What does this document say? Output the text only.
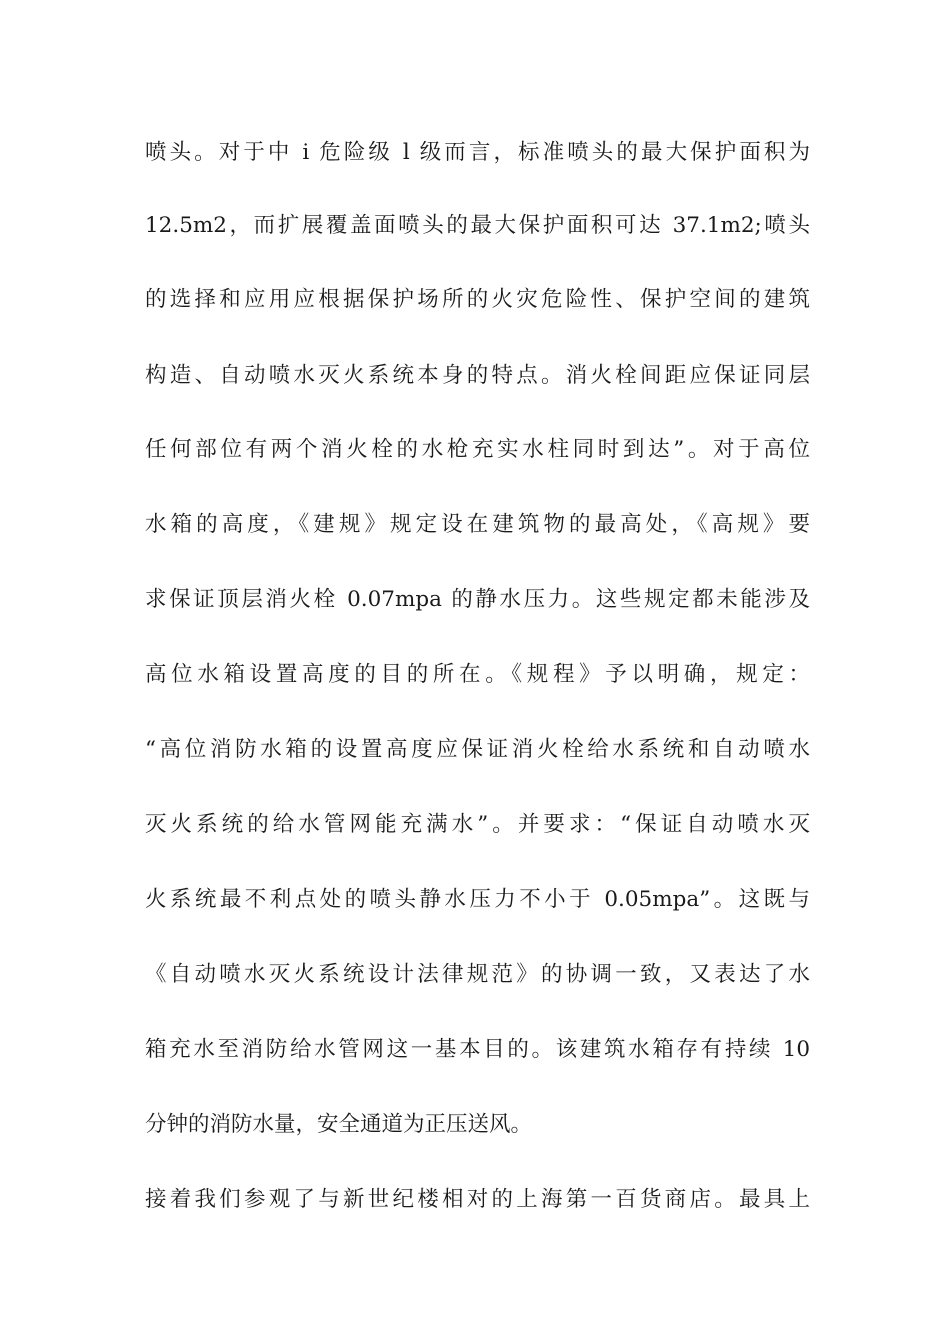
喷头。对于中 i 危险级 l 级而言，标准喷头的最大保护面积为
12.5m2，而扩展覆盖面喷头的最大保护面积可达 37.1m2;喷头
的选择和应用应根据保护场所的火灾危险性、保护空间的建筑
构造、自动喷水灭火系统本身的特点。消火栓间距应保证同层
任何部位有两个消火栓的水枪充实水柱同时到达”。对于高位
水箱的高度，《建规》规定设在建筑物的最高处，《高规》要
求保证顶层消火栓 0.07mpa 的静水压力。这些规定都未能涉及
高位水箱设置高度的目的所在。《规程》予以明确，规定：
“高位消防水箱的设置高度应保证消火栓给水系统和自动喷水
灭火系统的给水管网能充满水”。并要求：“保证自动喷水灭
火系统最不利点处的喷头静水压力不小于 0.05mpa”。这既与
《自动喷水灭火系统设计法律规范》的协调一致，又表达了水
箱充水至消防给水管网这一基本目的。该建筑水箱存有持续 10
分钟的消防水量，安全通道为正压送风。
接着我们参观了与新世纪楼相对的上海第一百货商店。最具上
